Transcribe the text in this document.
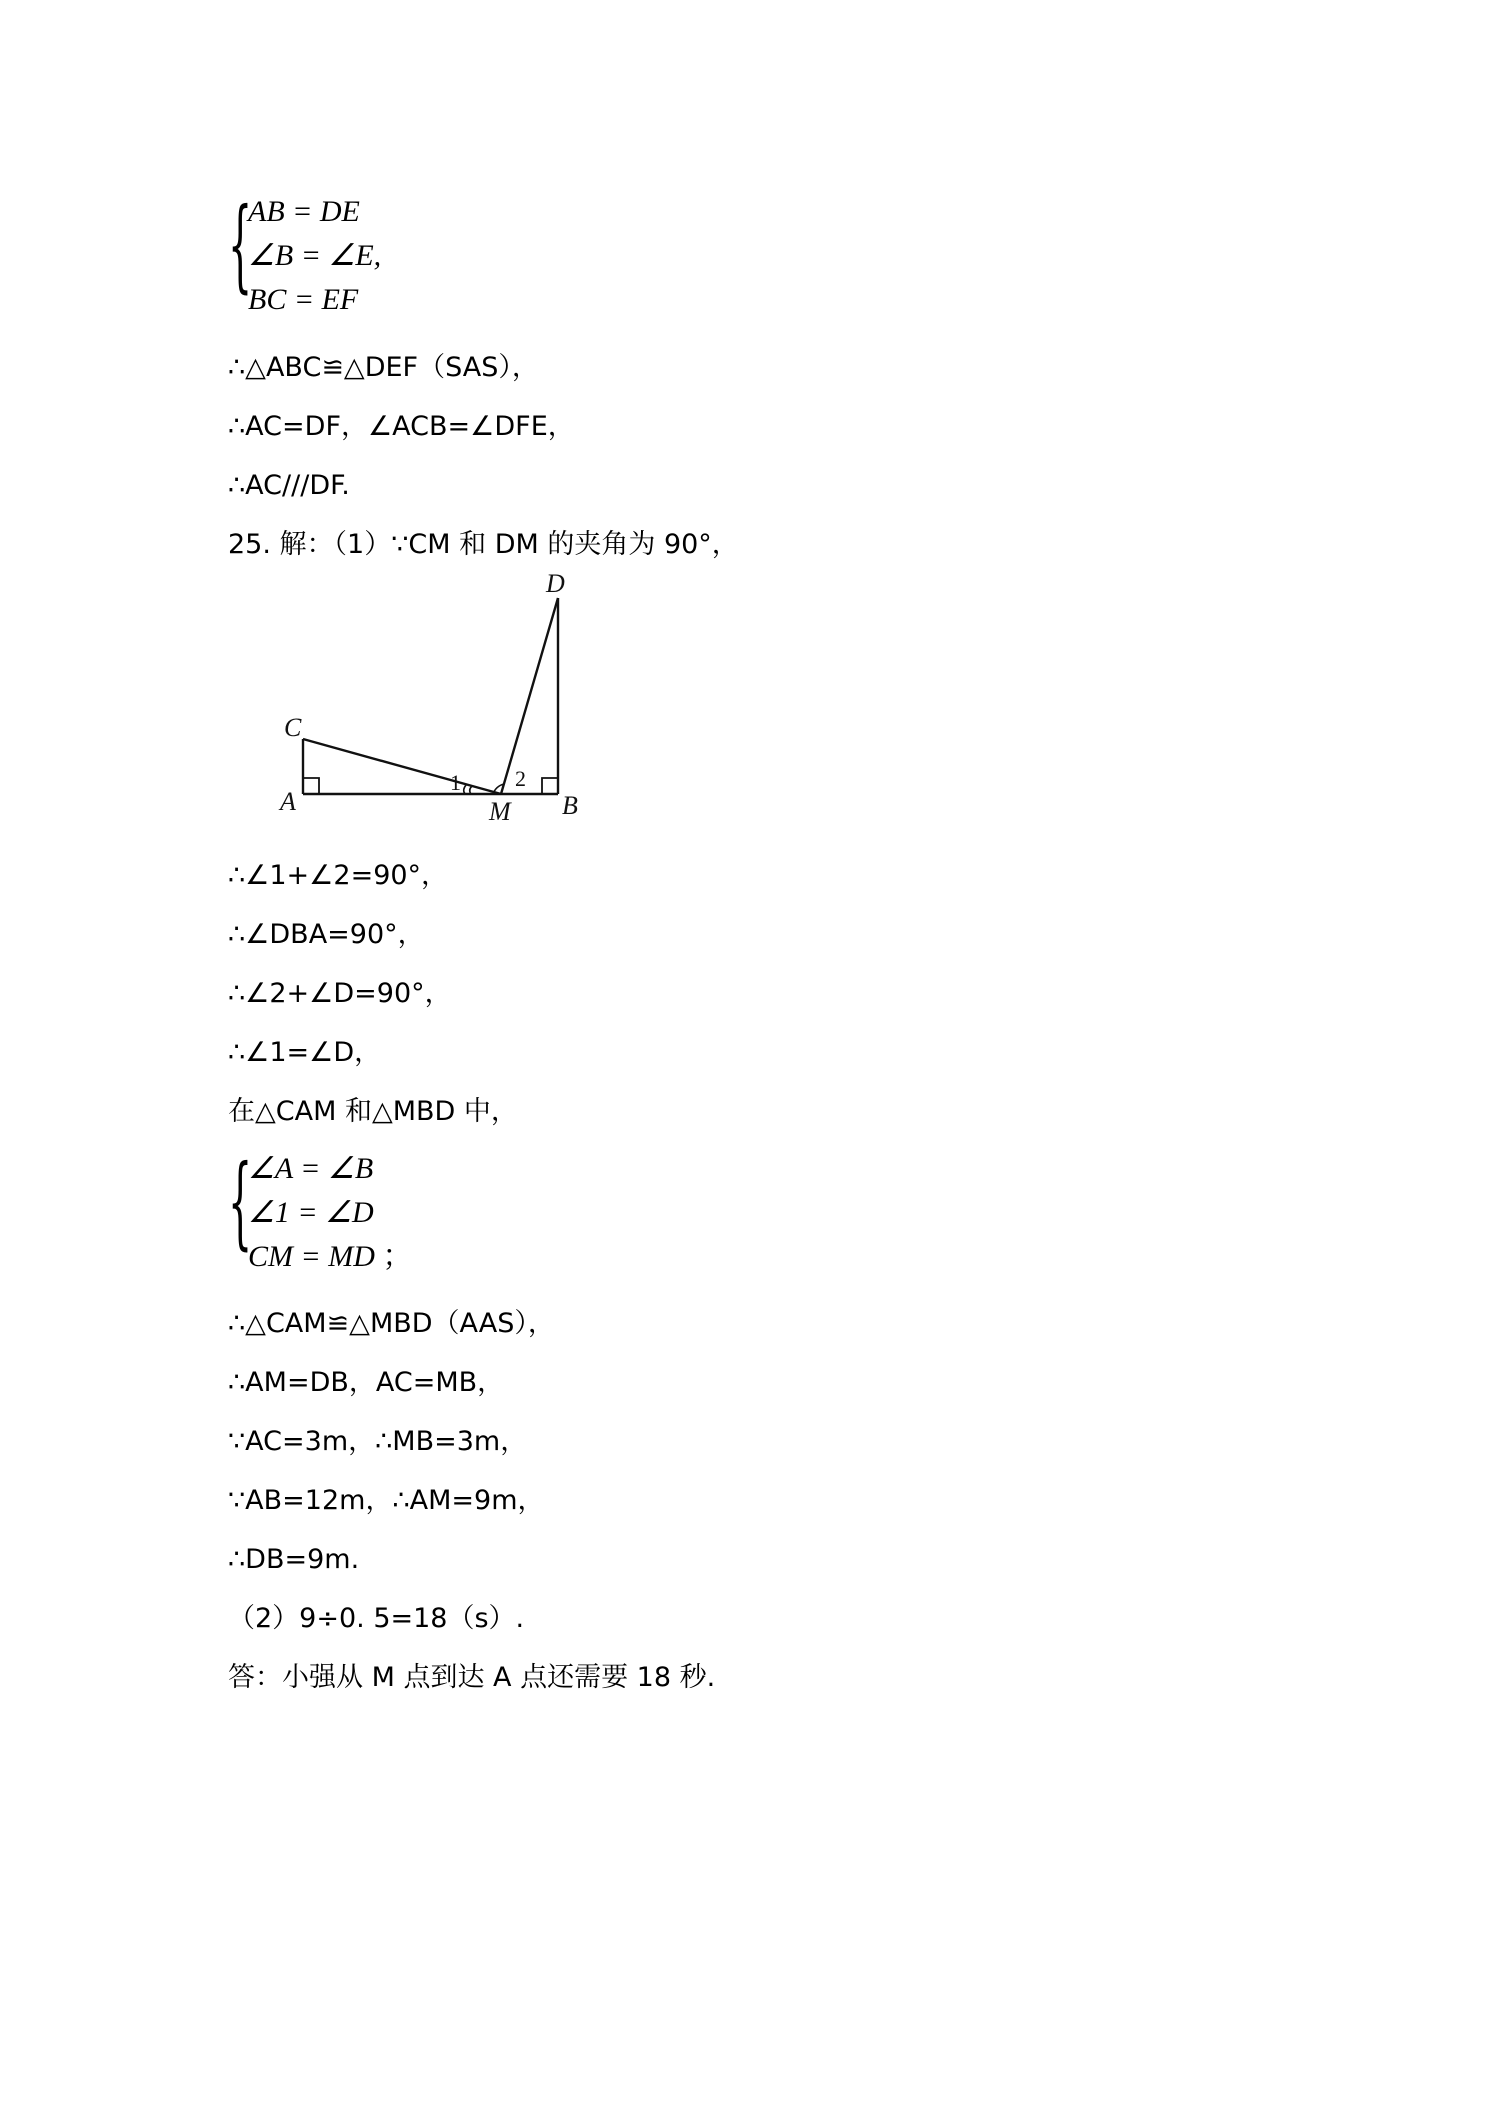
{
AB = DE
∠B = ∠E,
BC = EF
∴△ABC≌△DEF（SAS），
∴AC=DF，∠ACB=∠DFE，
∴AC///DF.
25. 解：（1）∵CM 和 DM 的夹角为 90°，
D
C
A	M B
1 2
∴∠1+∠2=90°，
∴∠DBA=90°，
∴∠2+∠D=90°，
∴∠1=∠D，
在△CAM 和△MBD 中，
{
∠A = ∠B
∠1 = ∠D
CM = MD ；
∴△CAM≌△MBD（AAS），
∴AM=DB，AC=MB，
∵AC=3m，∴MB=3m，
∵AB=12m，∴AM=9m，
∴DB=9m.
（2）9÷0. 5=18（s）.
答：小强从 M 点到达 A 点还需要 18 秒.
